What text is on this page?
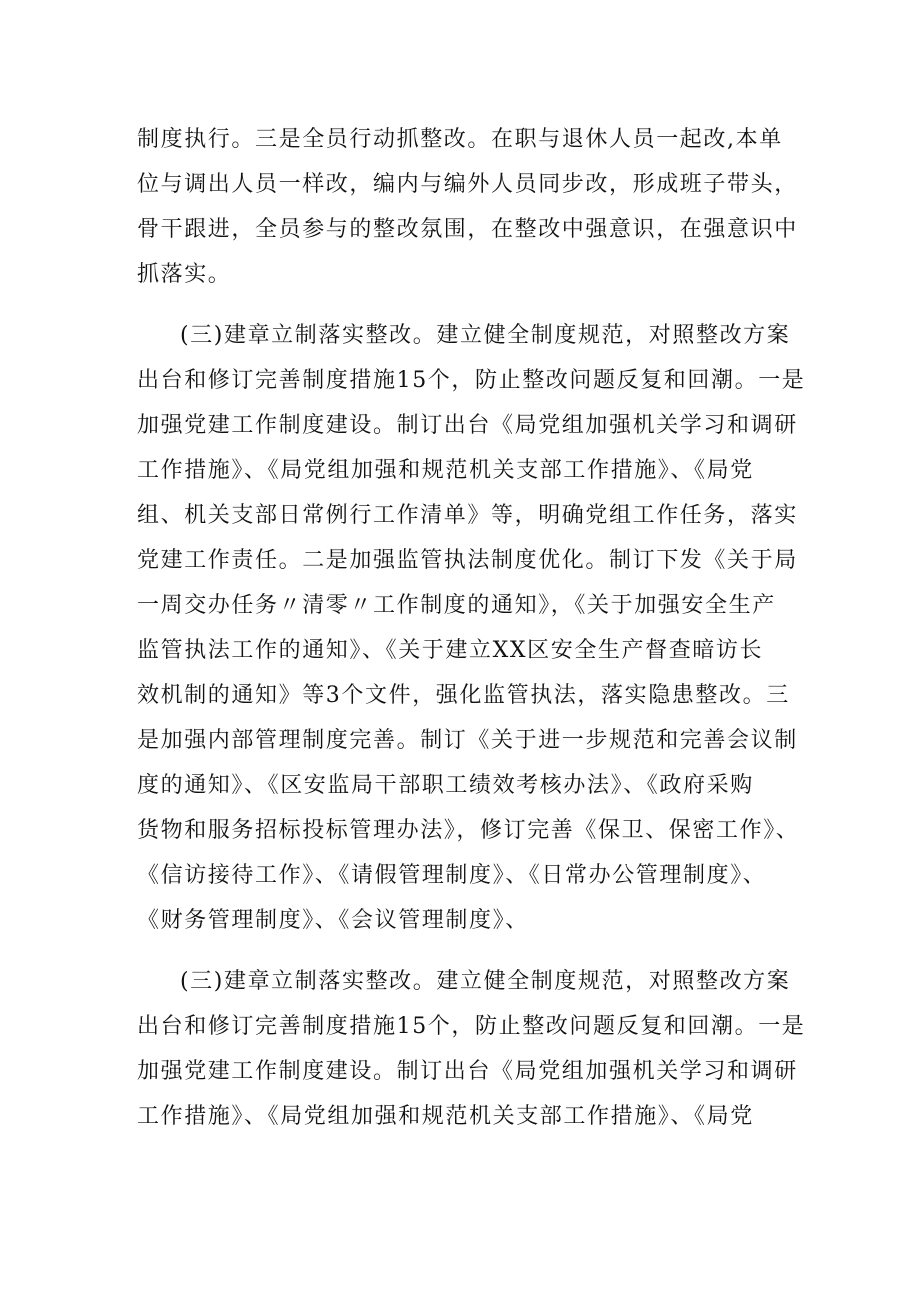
制度执行。三是全员行动抓整改。在职与退休人员一起改,本单
位与调出人员一样改，编内与编外人员同步改，形成班子带头，
骨干跟进，全员参与的整改氛围，在整改中强意识，在强意识中
抓落实。
(三)建章立制落实整改。建立健全制度规范，对照整改方案
出台和修订完善制度措施15个，防止整改问题反复和回潮。一是
加强党建工作制度建设。制订出台《局党组加强机关学习和调研
工作措施》、《局党组加强和规范机关支部工作措施》、《局党
组、机关支部日常例行工作清单》等，明确党组工作任务，落实
党建工作责任。二是加强监管执法制度优化。制订下发《关于局
一周交办任务〃清零〃工作制度的通知》，《关于加强安全生产
监管执法工作的通知》、《关于建立XX区安全生产督查暗访长
效机制的通知》等3个文件，强化监管执法，落实隐患整改。三
是加强内部管理制度完善。制订《关于进一步规范和完善会议制
度的通知》、《区安监局干部职工绩效考核办法》、《政府采购
货物和服务招标投标管理办法》，修订完善《保卫、保密工作》、
《信访接待工作》、《请假管理制度》、《日常办公管理制度》、
《财务管理制度》、《会议管理制度》、
(三)建章立制落实整改。建立健全制度规范，对照整改方案
出台和修订完善制度措施15个，防止整改问题反复和回潮。一是
加强党建工作制度建设。制订出台《局党组加强机关学习和调研
工作措施》、《局党组加强和规范机关支部工作措施》、《局党
